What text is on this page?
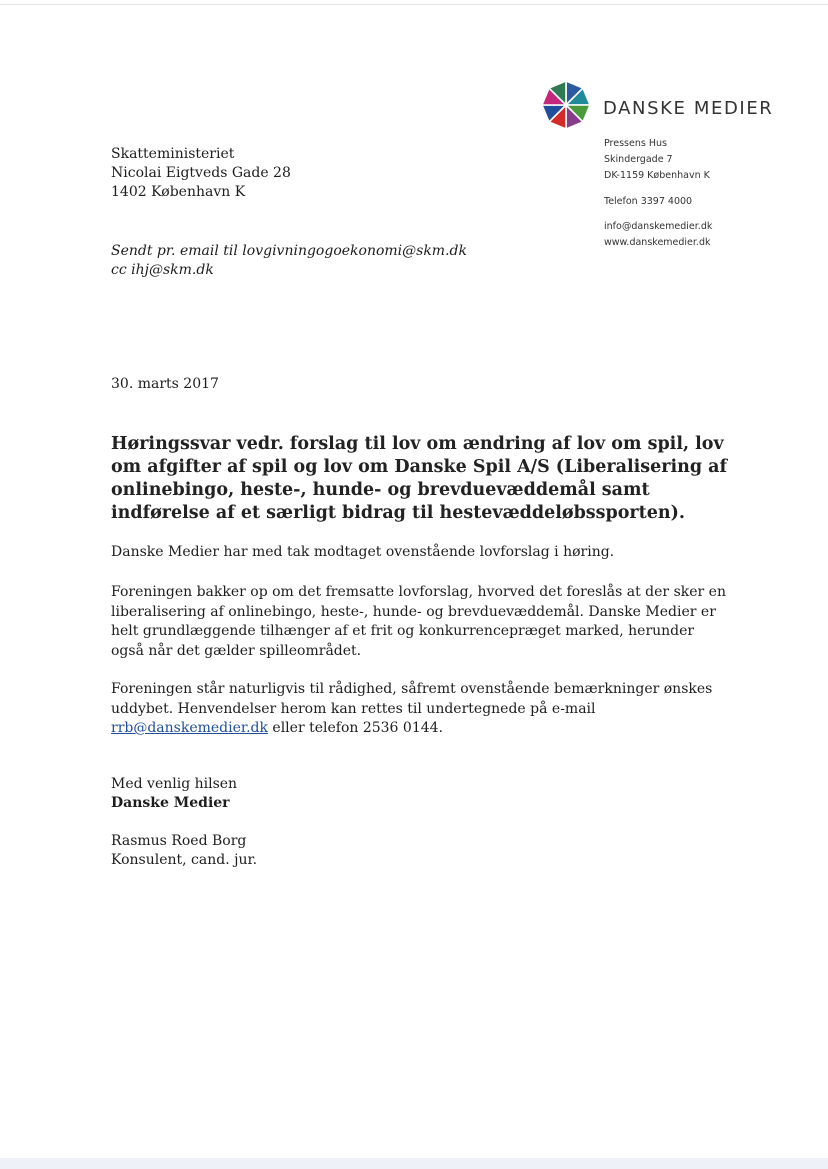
DANSKE MEDIER
Pressens Hus
Skindergade 7
DK-1159 København K
Telefon 3397 4000
info@danskemedier.dk
www.danskemedier.dk
Skatteministeriet
Nicolai Eigtveds Gade 28
1402 København K
Sendt pr. email til lovgivningogoekonomi@skm.dk
cc ihj@skm.dk
30. marts 2017
Høringssvar vedr. forslag til lov om ændring af lov om spil, lov om afgifter af spil og lov om Danske Spil A/S (Liberalisering af onlinebingo, heste-, hunde- og brevduevæddemål samt indførelse af et særligt bidrag til hestevæddeløbssporten).
Danske Medier har med tak modtaget ovenstående lovforslag i høring.
Foreningen bakker op om det fremsatte lovforslag, hvorved det foreslås at der sker en liberalisering af onlinebingo, heste-, hunde- og brevduevæddemål. Danske Medier er helt grundlæggende tilhænger af et frit og konkurrencepræget marked, herunder også når det gælder spilleområdet.
Foreningen står naturligvis til rådighed, såfremt ovenstående bemærkninger ønskes uddybet. Henvendelser herom kan rettes til undertegnede på e-mail rrb@danskemedier.dk eller telefon 2536 0144.
Med venlig hilsen
Danske Medier
Rasmus Roed Borg
Konsulent, cand. jur.
